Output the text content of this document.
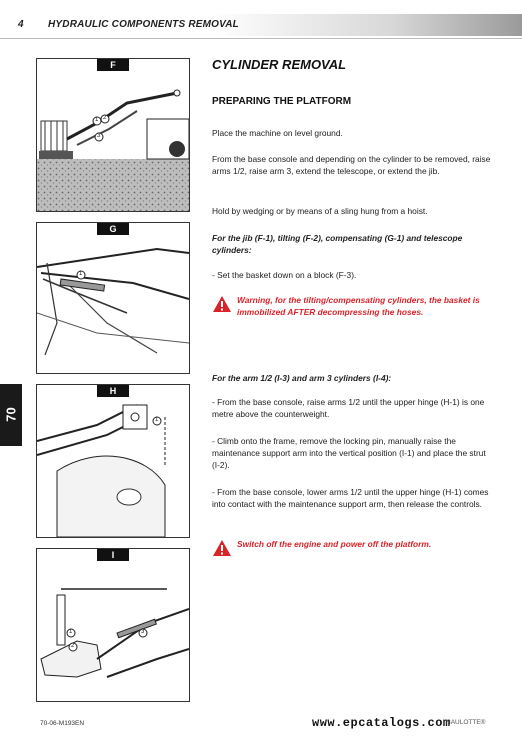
4 HYDRAULIC COMPONENTS REMOVAL
70
F
1 2
3
G
1
H
1
I
1
2
3
CYLINDER REMOVAL
PREPARING THE PLATFORM
Place the machine on level ground.
From the base console and depending on the cylinder to be removed, raise arms 1/2, raise arm 3, extend the telescope, or extend the jib.
Hold by wedging or by means of a sling hung from a hoist.
For the jib (F-1), tilting (F-2), compensating (G-1) and telescope cylinders:
- Set the basket down on a block (F-3).
Warning, for the tilting/compensating cylinders, the basket is immobilized AFTER decompressing the hoses.
For the arm 1/2 (I-3) and arm 3 cylinders (I-4):
- From the base console, raise arms 1/2 until the upper hinge (H-1) is one metre above the counterweight.
- Climb onto the frame, remove the locking pin, manually raise the maintenance support arm into the vertical position (I-1) and place the strut (I-2).
- From the base console, lower arms 1/2 until the upper hinge (H-1) comes into contact with the maintenance support arm, then release the controls.
Switch off the engine and power off the platform.
70-06-M193EN	www.epcatalogs.com
HAULOTTE®
